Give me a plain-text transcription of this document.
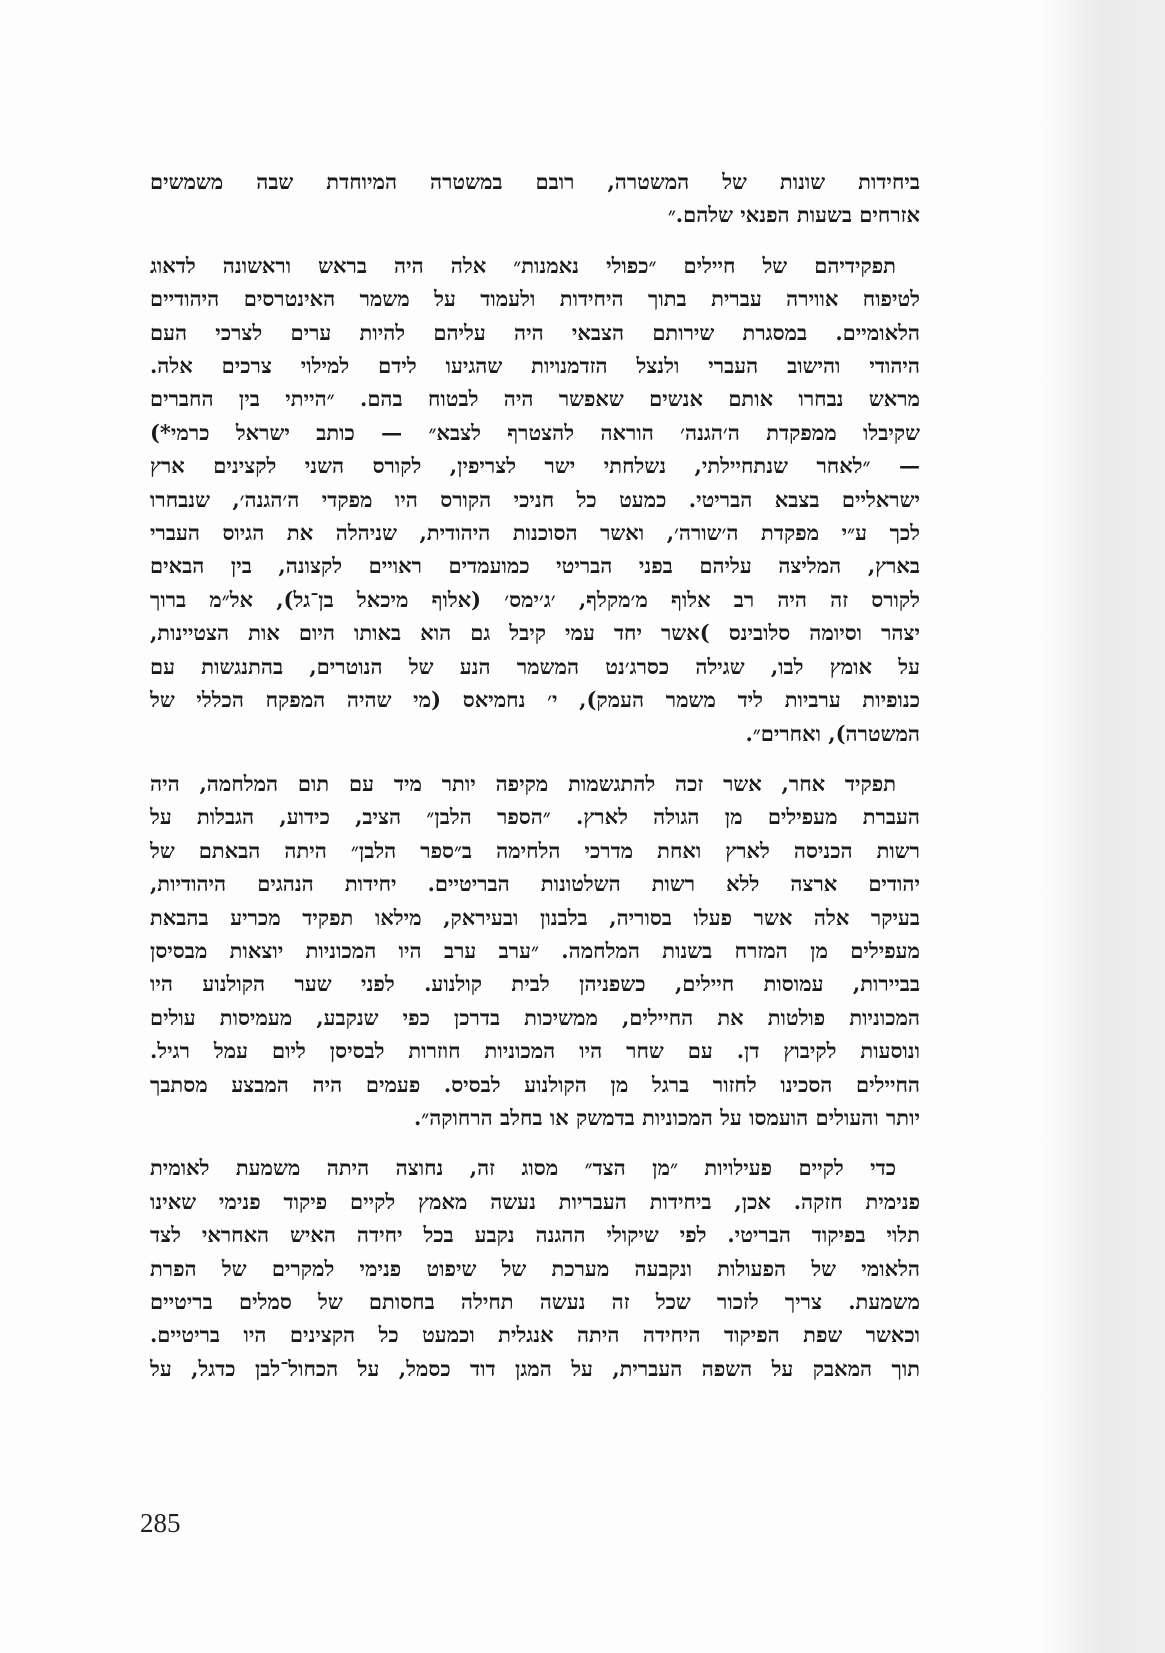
ביחידות שונות של המשטרה, רובם במשטרה המיוחדת שבה משמשים
אזרחים בשעות הפנאי שלהם.״

תפקידיהם של חיילים ״כפולי נאמנות״ אלה היה בראש וראשונה לדאוג
לטיפוח אווירה עברית בתוך היחידות ולעמוד על משמר האינטרסים היהודיים
הלאומיים. במסגרת שירותם הצבאי היה עליהם להיות ערים לצרכי העם
היהודי והישוב העברי ולנצל הזדמנויות שהגיעו לידם למילוי צרכים אלה.
מראש נבחרו אותם אנשים שאפשר היה לבטוח בהם. ״הייתי בין החברים
שקיבלו ממפקדת ה׳הגנה׳ הוראה להצטרף לצבא״ — כותב ישראל כרמי*)
— ״לאחר שנתחיילתי, נשלחתי ישר לצריפין, לקורס השני לקצינים ארץ
ישראליים בצבא הבריטי. כמעט כל חניכי הקורס היו מפקדי ה׳הגנה׳, שנבחרו
לכך ע״י מפקדת ה׳שורה׳, ואשר הסוכנות היהודית, שניהלה את הגיוס העברי
בארץ, המליצה עליהם בפני הבריטי כמועמדים ראויים לקצונה, בין הבאים
לקורס זה היה רב אלוף מ׳מקלף, ׳ג׳ימס׳ (אלוף מיכאל בן־גל), אל״מ ברוך
יצהר וסיומה סלובינס )אשר יחד עמי קיבל גם הוא באותו היום אות הצטיינות,
על אומץ לבו, שגילה כסרג׳נט המשמר הנע של הנוטרים, בהתנגשות עם
כנופיות ערביות ליד משמר העמק), י׳ נחמיאס (מי שהיה המפקח הכללי של
המשטרה), ואחרים״.

תפקיד אחר, אשר זכה להתגשמות מקיפה יותר מיד עם תום המלחמה, היה
העברת מעפילים מן הגולה לארץ. ״הספר הלבן״ הציב, כידוע, הגבלות על
רשות הכניסה לארץ ואחת מדרכי הלחימה ב״ספר הלבן״ היתה הבאתם של
יהודים ארצה ללא רשות השלטונות הבריטיים. יחידות הנהגים היהודיות,
בעיקר אלה אשר פעלו בסוריה, בלבנון ובעיראק, מילאו תפקיד מכריע בהבאת
מעפילים מן המזרח בשנות המלחמה. ״ערב ערב היו המכוניות יוצאות מבסיסן
בביירות, עמוסות חיילים, כשפניהן לבית קולנוע. לפני שער הקולנוע היו
המכוניות פולטות את החיילים, ממשיכות בדרכן כפי שנקבע, מעמיסות עולים
ונוסעות לקיבוץ דן. עם שחר היו המכוניות חוזרות לבסיסן ליום עמל רגיל.
החיילים הסכינו לחזור ברגל מן הקולנוע לבסיס. פעמים היה המבצע מסתבך
יותר והעולים הועמסו על המכוניות בדמשק או בחלב הרחוקה״.

כדי לקיים פעילויות ״מן הצד״ מסוג זה, נחוצה היתה משמעת לאומית
פנימית חזקה. אכן, ביחידות העבריות נעשה מאמץ לקיים פיקוד פנימי שאינו
תלוי בפיקוד הבריטי. לפי שיקולי ההגנה נקבע בכל יחידה האיש האחראי לצד
הלאומי של הפעולות ונקבעה מערכת של שיפוט פנימי למקרים של הפרת
משמעת. צריך לזכור שכל זה נעשה תחילה בחסותם של סמלים בריטיים
וכאשר שפת הפיקוד היחידה היתה אנגלית וכמעט כל הקצינים היו בריטיים.
תוך המאבק על השפה העברית, על המגן דוד כסמל, על הכחול־לבן כדגל, על

285
